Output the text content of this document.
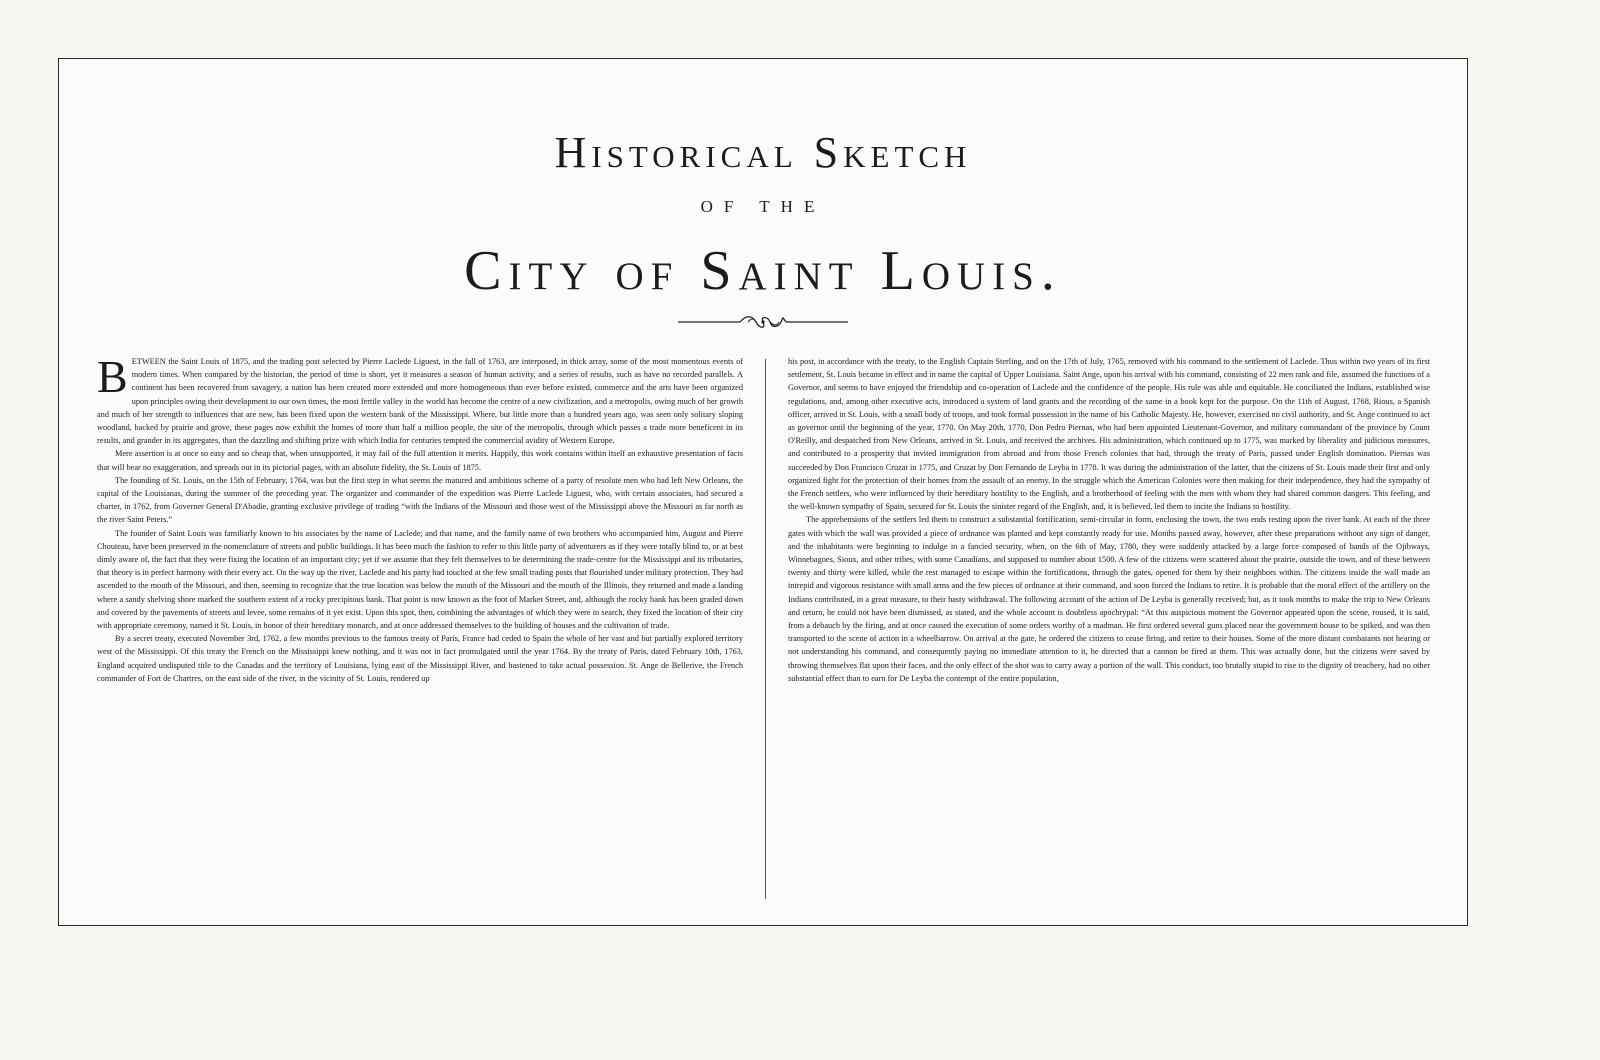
Historical Sketch
OF THE
City of Saint Louis.

BETWEEN the Saint Louis of 1875, and the trading post selected by Pierre Laclede Liguest, in the fall of 1763, are interposed, in thick array, some of the most momentous events of modern times. When compared by the historian, the period of time is short, yet it measures a season of human activity, and a series of results, such as have no recorded parallels. A continent has been recovered from savagery, a nation has been created more extended and more homogeneous than ever before existed, commerce and the arts have been organized upon principles owing their development to our own times, the most fertile valley in the world has become the centre of a new civilization, and a metropolis, owing much of her growth and much of her strength to influences that are new, has been fixed upon the western bank of the Mississippi. Where, but little more than a hundred years ago, was seen only solitary sloping woodland, backed by prairie and grove, these pages now exhibit the homes of more than half a million people, the site of the metropolis, through which passes a trade more beneficent in its results, and grander in its aggregates, than the dazzling and shifting prize with which India for centuries tempted the commercial avidity of Western Europe.

Mere assertion is at once so easy and so cheap that, when unsupported, it may fail of the full attention it merits. Happily, this work contains within itself an exhaustive presentation of facts that will bear no exaggeration, and spreads out in its pictorial pages, with an absolute fidelity, the St. Louis of 1875.

The founding of St. Louis, on the 15th of February, 1764, was but the first step in what seems the matured and ambitious scheme of a party of resolute men who had left New Orleans, the capital of the Louisianas, during the summer of the preceding year. The organizer and commander of the expedition was Pierre Laclede Liguest, who, with certain associates, had secured a charter, in 1762, from Governer General D'Abadie, granting exclusive privilege of trading “with the Indians of the Missouri and those west of the Mississippi above the Missouri as far north as the river Saint Peters.”

The founder of Saint Louis was familiarly known to his associates by the name of Laclede; and that name, and the family name of two brothers who accompanied him, August and Pierre Chouteau, have been preserved in the nomenclature of streets and public buildings. It has been much the fashion to refer to this little party of adventurers as if they were totally blind to, or at best dimly aware of, the fact that they were fixing the location of an important city; yet if we assume that they felt themselves to be determining the trade-centre for the Mississippi and its tributaries, that theory is in perfect harmony with their every act. On the way up the river, Laclede and his party had touched at the few small trading posts that flourished under military protection. They had ascended to the mouth of the Missouri, and then, seeming to recognize that the true location was below the mouth of the Missouri and the mouth of the Illinois, they returned and made a landing where a sandy shelving shore marked the southern extent of a rocky precipitous bank. That point is now known as the foot of Market Street, and, although the rocky bank has been graded down and covered by the pavements of streets and levee, some remains of it yet exist. Upon this spot, then, combining the advantages of which they were in search, they fixed the location of their city with appropriate ceremony, named it St. Louis, in honor of their hereditary monarch, and at once addressed themselves to the building of houses and the cultivation of trade.

By a secret treaty, executed November 3rd, 1762, a few months previous to the famous treaty of Paris, France had ceded to Spain the whole of her vast and but partially explored territory west of the Mississippi. Of this treaty the French on the Mississippi knew nothing, and it was not in fact promulgated until the year 1764. By the treaty of Paris, dated February 10th, 1763, England acquired undisputed title to the Canadas and the territory of Louisiana, lying east of the Mississippi River, and hastened to take actual possession. St. Ange de Bellerive, the French commander of Fort de Chartres, on the east side of the river, in the vicinity of St. Louis, rendered up

his post, in accordance with the treaty, to the English Captain Sterling, and on the 17th of July, 1765, removed with his command to the settlement of Laclede. Thus within two years of its first settlement, St. Louis became in effect and in name the capital of Upper Louisiana. Saint Ange, upon his arrival with his command, consisting of 22 men rank and file, assumed the functions of a Governor, and seems to have enjoyed the friendship and co-operation of Laclede and the confidence of the people. His rule was able and equitable. He conciliated the Indians, established wise regulations, and, among other executive acts, introduced a system of land grants and the recording of the same in a book kept for the purpose. On the 11th of August, 1768, Rious, a Spanish officer, arrived in St. Louis, with a small body of troops, and took formal possession in the name of his Catholic Majesty. He, however, exercised no civil authority, and St. Ange continued to act as governor until the beginning of the year, 1770. On May 20th, 1770, Don Pedro Piernas, who had been appointed Lieutenant-Governor, and military commandant of the province by Count O'Reilly, and despatched from New Orleans, arrived in St. Louis, and received the archives. His administration, which continued up to 1775, was marked by liberality and judicious measures, and contributed to a prosperity that invited immigration from abroad and from those French colonies that had, through the treaty of Paris, passed under English domination. Piernas was succeeded by Don Francisco Cruzat in 1775, and Cruzat by Don Fernando de Leyba in 1778. It was during the administration of the latter, that the citizens of St. Louis made their first and only organized fight for the protection of their homes from the assault of an enemy. In the struggle which the American Colonies were then making for their independence, they had the sympathy of the French settlers, who were influenced by their hereditary hostility to the English, and a brotherhood of feeling with the men with whom they had shared common dangers. This feeling, and the well-known sympathy of Spain, secured for St. Louis the sinister regard of the English, and, it is believed, led them to incite the Indians to hostility.

The apprehensions of the settlers led them to construct a substantial fortification, semi-circular in form, enclosing the town, the two ends resting upon the river bank. At each of the three gates with which the wall was provided a piece of ordnance was planted and kept constantly ready for use. Months passed away, however, after these preparations without any sign of danger, and the inhabitants were beginning to indulge in a fancied security, when, on the 6th of May, 1780, they were suddenly attacked by a large force composed of bands of the Ojibways, Winnebagoes, Sioux, and other tribes, with some Canadians, and supposed to number about 1500. A few of the citizens were scattered about the prairie, outside the town, and of these between twenty and thirty were killed, while the rest managed to escape within the fortifications, through the gates, opened for them by their neighbors within. The citizens inside the wall made an intrepid and vigorous resistance with small arms and the few pieces of ordnance at their command, and soon forced the Indians to retire. It is probable that the moral effect of the artillery on the Indians contributed, in a great measure, to their hasty withdrawal. The following account of the action of De Leyba is generally received; but, as it took months to make the trip to New Orleans and return, he could not have been dismissed, as stated, and the whole account is doubtless apochrypal: “At this auspicious moment the Governor appeared upon the scene, roused, it is said, from a debauch by the firing, and at once caused the execution of some orders worthy of a madman. He first ordered several guns placed near the government house to be spiked, and was then transported to the scene of action in a wheelbarrow. On arrival at the gate, he ordered the citizens to cease firing, and retire to their houses. Some of the more distant combatants not hearing or not understanding his command, and consequently paying no immediate attention to it, he directed that a cannon be fired at them. This was actually done, but the citizens were saved by throwing themselves flat upon their faces, and the only effect of the shot was to carry away a portion of the wall. This conduct, too brutally stupid to rise to the dignity of treachery, had no other substantial effect than to earn for De Leyba the contempt of the entire population,
